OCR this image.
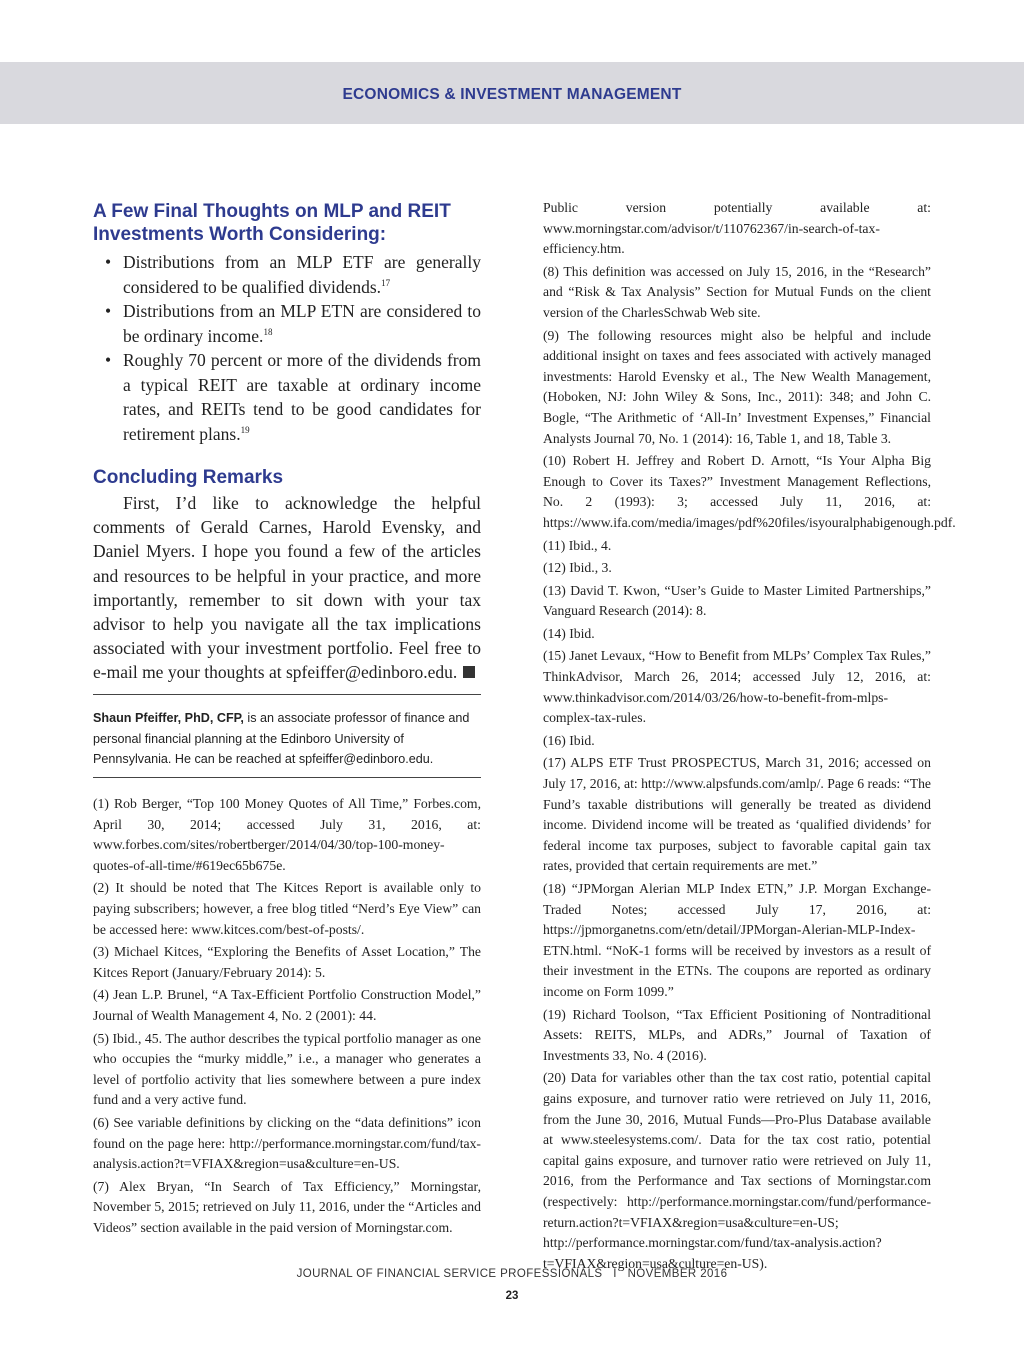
ECONOMICS & INVESTMENT MANAGEMENT
A Few Final Thoughts on MLP and REIT Investments Worth Considering:
• Distributions from an MLP ETF are generally considered to be qualified dividends.$^{17}$
• Distributions from an MLP ETN are considered to be ordinary income.$^{18}$
• Roughly 70 percent or more of the dividends from a typical REIT are taxable at ordinary income rates, and REITs tend to be good candidates for retirement plans.$^{19}$
Concluding Remarks

First, I’d like to acknowledge the helpful comments of Gerald Carnes, Harold Evensky, and Daniel Myers. I hope you found a few of the articles and resources to be helpful in your practice, and more importantly, remember to sit down with your tax advisor to help you navigate all the tax implications associated with your investment portfolio. Feel free to e-mail me your thoughts at spfeiffer@edinboro.edu.

Shaun Pfeiffer, PhD, CFP, is an associate professor of finance and personal financial planning at the Edinboro University of Pennsylvania. He can be reached at spfeiffer@edinboro.edu.

(1) Rob Berger, “Top 100 Money Quotes of All Time,” Forbes.com, April 30, 2014; accessed July 31, 2016, at: www.forbes.com/sites/robertberger/2014/04/30/top-100-money-quotes-of-all-time/#619ec65b675e.

(2) It should be noted that The Kitces Report is available only to paying subscribers; however, a free blog titled “Nerd’s Eye View” can be accessed here: www.kitces.com/best-of-posts/.

(3) Michael Kitces, “Exploring the Benefits of Asset Location,” The Kitces Report (January/February 2014): 5.

(4) Jean L.P. Brunel, “A Tax-Efficient Portfolio Construction Model,” Journal of Wealth Management 4, No. 2 (2001): 44.

(5) Ibid., 45. The author describes the typical portfolio manager as one who occupies the “murky middle,” i.e., a manager who generates a level of portfolio activity that lies somewhere between a pure index fund and a very active fund.

(6) See variable definitions by clicking on the “data definitions” icon found on the page here: http://performance.morningstar.com/fund/tax-analysis.action?t=VFIAX&region=usa&culture=en-US.

(7) Alex Bryan, “In Search of Tax Efficiency,” Morningstar, November 5, 2015; retrieved on July 11, 2016, under the “Articles and Videos” section available in the paid version of Morningstar.com.

Public version potentially available at: www.morningstar.com/advisor/t/110762367/in-search-of-tax-efficiency.htm.

(8) This definition was accessed on July 15, 2016, in the “Research” and “Risk & Tax Analysis” Section for Mutual Funds on the client version of the CharlesSchwab Web site.

(9) The following resources might also be helpful and include additional insight on taxes and fees associated with actively managed investments: Harold Evensky et al., The New Wealth Management, (Hoboken, NJ: John Wiley & Sons, Inc., 2011): 348; and John C. Bogle, “The Arithmetic of ‘All-In’ Investment Expenses,” Financial Analysts Journal 70, No. 1 (2014): 16, Table 1, and 18, Table 3.

(10) Robert H. Jeffrey and Robert D. Arnott, “Is Your Alpha Big Enough to Cover its Taxes?” Investment Management Reflections, No. 2 (1993): 3; accessed July 11, 2016, at: https://www.ifa.com/media/images/pdf%20files/isyouralphabigenough.pdf.

(11) Ibid., 4.

(12) Ibid., 3.

(13) David T. Kwon, “User’s Guide to Master Limited Partnerships,” Vanguard Research (2014): 8.

(14) Ibid.

(15) Janet Levaux, “How to Benefit from MLPs’ Complex Tax Rules,” ThinkAdvisor, March 26, 2014; accessed July 12, 2016, at: www.thinkadvisor.com/2014/03/26/how-to-benefit-from-mlps-complex-tax-rules.

(16) Ibid.

(17) ALPS ETF Trust PROSPECTUS, March 31, 2016; accessed on July 17, 2016, at: http://www.alpsfunds.com/amlp/. Page 6 reads: “The Fund’s taxable distributions will generally be treated as dividend income. Dividend income will be treated as ‘qualified dividends’ for federal income tax purposes, subject to favorable capital gain tax rates, provided that certain requirements are met.”

(18) “JPMorgan Alerian MLP Index ETN,” J.P. Morgan Exchange-Traded Notes; accessed July 17, 2016, at: https://jpmorganetns.com/etn/detail/JPMorgan-Alerian-MLP-Index-ETN.html. “NoK-1 forms will be received by investors as a result of their investment in the ETNs. The coupons are reported as ordinary income on Form 1099.”

(19) Richard Toolson, “Tax Efficient Positioning of Nontraditional Assets: REITS, MLPs, and ADRs,” Journal of Taxation of Investments 33, No. 4 (2016).

(20) Data for variables other than the tax cost ratio, potential capital gains exposure, and turnover ratio were retrieved on July 11, 2016, from the June 30, 2016, Mutual Funds—Pro-Plus Database available at www.steelesystems.com/. Data for the tax cost ratio, potential capital gains exposure, and turnover ratio were retrieved on July 11, 2016, from the Performance and Tax sections of Morningstar.com (respectively: http://performance.morningstar.com/fund/performance-return.action?t=VFIAX&region=usa&culture=en-US; http://performance.morningstar.com/fund/tax-analysis.action?t=VFIAX&region=usa&culture=en-US).

JOURNAL OF FINANCIAL SERVICE PROFESSIONALS   I   NOVEMBER 2016
23
